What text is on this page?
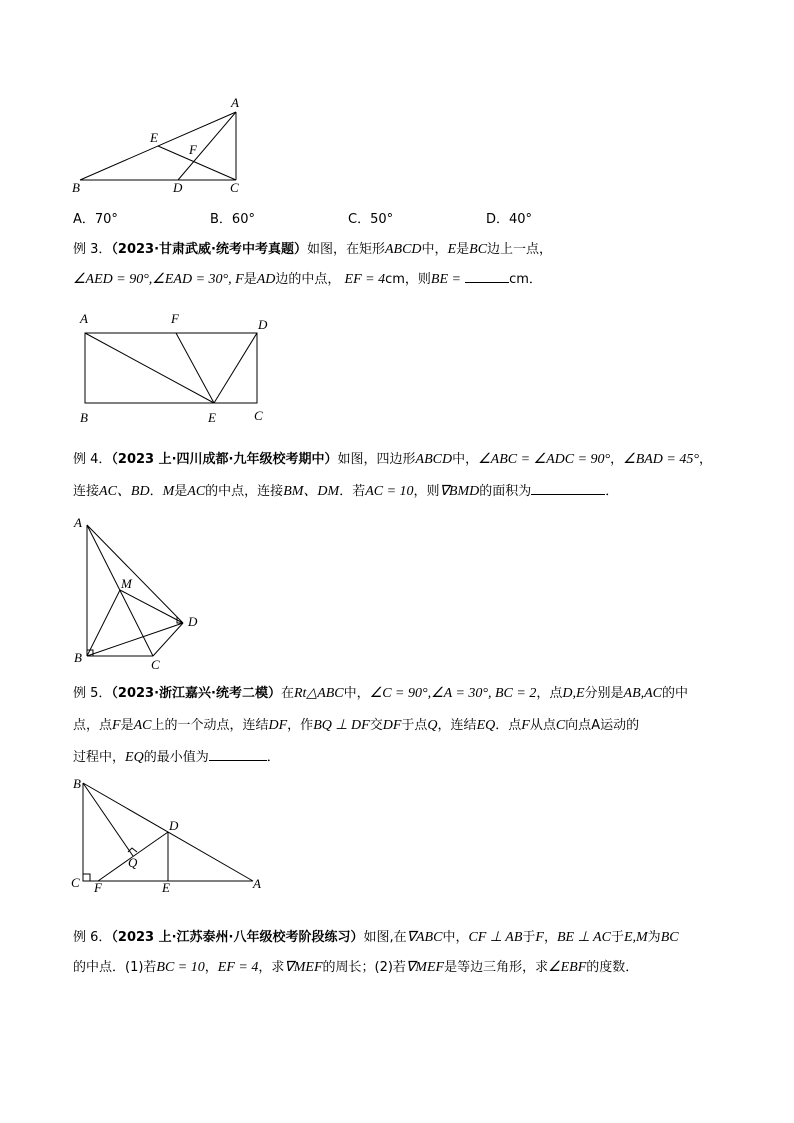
A
B	C
D
E
F
A．70°	B．60°	C．50°	D．40°
例 3．（2023·甘肃武威·统考中考真题）如图，在矩形ABCD中，E是BC边上一点，
∠AED = 90°,∠EAD = 30°, F是AD边的中点， EF = 4cm，则BE =	cm．
A
B	C
D
E
F
例 4．（2023 上·四川成都·九年级校考期中）如图，四边形ABCD中，∠ABC = ∠ADC = 90°，∠BAD = 45°，
连接AC、BD．M是AC的中点，连接BM、DM．若AC = 10，则∇BMD的面积为	．
A
B	C
D
M
例 5．（2023·浙江嘉兴·统考二模）在Rt△ABC中，∠C = 90°,∠A = 30°, BC = 2，点D,E分别是AB,AC的中
点，点F是AC上的一个动点，连结DF，作BQ ⊥ DF交DF于点Q，连结EQ．点F从点C向点A运动的
过程中，EQ的最小值为	．
B
C	A
D
E
F
Q
例 6．（2023 上·江苏泰州·八年级校考阶段练习）如图,在∇ABC中，CF ⊥ AB于F，BE ⊥ AC于E,M为BC
的中点．(1)若BC = 10，EF = 4，求∇MEF的周长；(2)若∇MEF是等边三角形，求∠EBF的度数．
